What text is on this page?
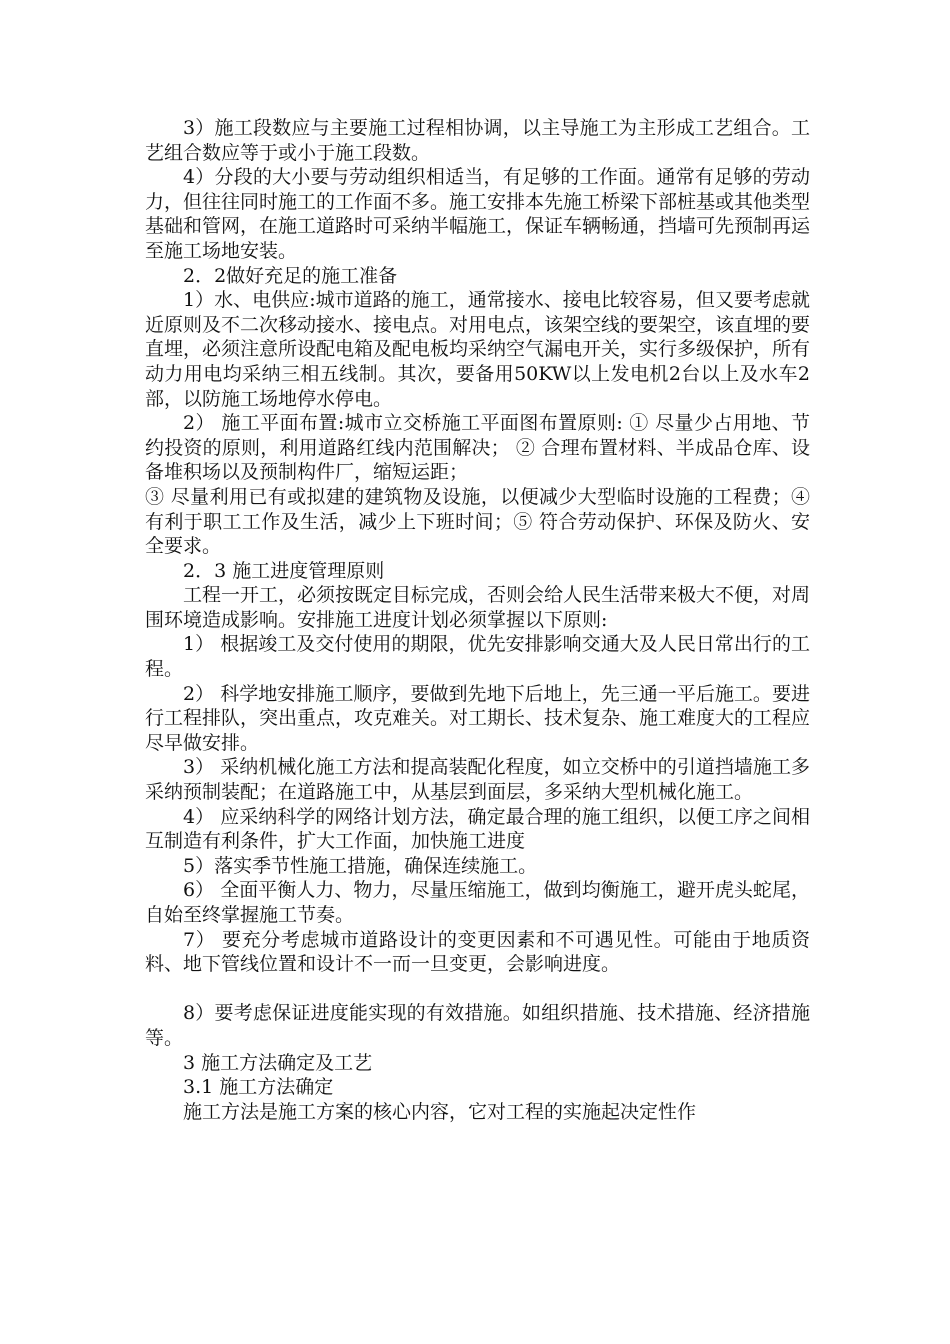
3）施工段数应与主要施工过程相协调，以主导施工为主形成工艺组合。工艺组合数应等于或小于施工段数。

4）分段的大小要与劳动组织相适当，有足够的工作面。通常有足够的劳动力，但往往同时施工的工作面不多。施工安排本先施工桥梁下部桩基或其他类型基础和管网，在施工道路时可采纳半幅施工，保证车辆畅通，挡墙可先预制再运至施工场地安装。

2．2做好充足的施工准备

1）水、电供应:城市道路的施工，通常接水、接电比较容易，但又要考虑就近原则及不二次移动接水、接电点。对用电点，该架空线的要架空，该直埋的要直埋，必须注意所设配电箱及配电板均采纳空气漏电开关，实行多级保护，所有动力用电均采纳三相五线制。其次，要备用50KW以上发电机2台以上及水车2部，以防施工场地停水停电。

2） 施工平面布置:城市立交桥施工平面图布置原则: ① 尽量少占用地、节约投资的原则，利用道路红线内范围解决； ② 合理布置材料、半成品仓库、设备堆积场以及预制构件厂，缩短运距；

③ 尽量利用已有或拟建的建筑物及设施，以便减少大型临时设施的工程费；④ 有利于职工工作及生活，减少上下班时间；⑤ 符合劳动保护、环保及防火、安全要求。

2．3 施工进度管理原则

工程一开工，必须按既定目标完成，否则会给人民生活带来极大不便，对周围环境造成影响。安排施工进度计划必须掌握以下原则:

1） 根据竣工及交付使用的期限，优先安排影响交通大及人民日常出行的工程。

2） 科学地安排施工顺序，要做到先地下后地上，先三通一平后施工。要进行工程排队，突出重点，攻克难关。对工期长、技术复杂、施工难度大的工程应尽早做安排。

3） 采纳机械化施工方法和提高装配化程度，如立交桥中的引道挡墙施工多采纳预制装配；在道路施工中，从基层到面层，多采纳大型机械化施工。

4） 应采纳科学的网络计划方法，确定最合理的施工组织，以便工序之间相互制造有利条件，扩大工作面，加快施工进度

5）落实季节性施工措施，确保连续施工。

6） 全面平衡人力、物力，尽量压缩施工，做到均衡施工，避开虎头蛇尾，自始至终掌握施工节奏。

7） 要充分考虑城市道路设计的变更因素和不可遇见性。可能由于地质资料、地下管线位置和设计不一而一旦变更，会影响进度。

8）要考虑保证进度能实现的有效措施。如组织措施、技术措施、经济措施等。

3 施工方法确定及工艺

3.1 施工方法确定

施工方法是施工方案的核心内容，它对工程的实施起决定性作
